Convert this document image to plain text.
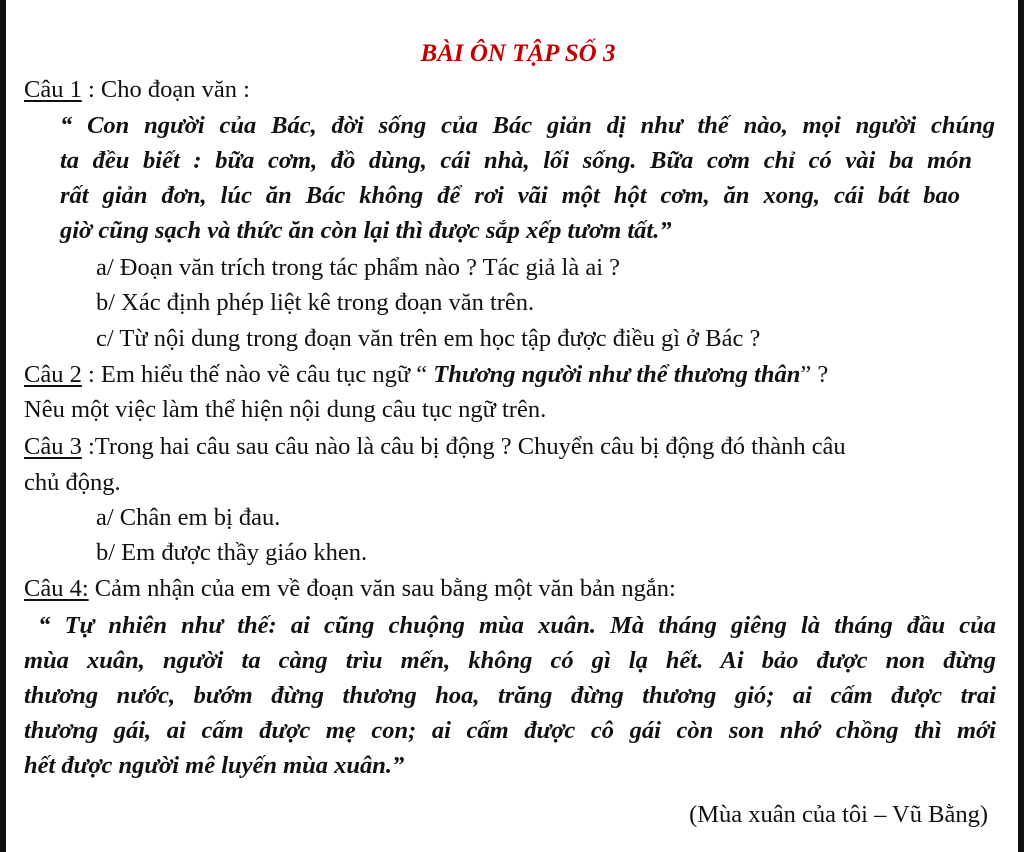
BÀI ÔN TẬP SỐ 3
Câu 1 : Cho đoạn văn :
“ Con người của Bác, đời sống của Bác giản dị như thế nào, mọi người chúng
ta đều biết : bữa cơm, đồ dùng, cái nhà, lối sống. Bữa cơm chỉ có vài ba món
rất giản đơn, lúc ăn Bác không để rơi vãi một hột cơm, ăn xong, cái bát bao
giờ cũng sạch và thức ăn còn lại thì được sắp xếp tươm tất.”
a/ Đoạn văn trích trong tác phẩm nào ? Tác giả là ai ?
b/ Xác định phép liệt kê trong đoạn văn trên.
c/ Từ nội dung trong đoạn văn trên em học tập được điều gì ở Bác ?
Câu 2 : Em hiểu thế nào về câu tục ngữ “ Thương người như thể thương thân” ?
Nêu một việc làm thể hiện nội dung câu tục ngữ trên.
Câu 3 :Trong hai câu sau câu nào là câu bị động ? Chuyển câu bị động đó thành câu
chủ động.
a/ Chân em bị đau.
b/ Em được thầy giáo khen.
Câu 4: Cảm nhận của em về đoạn văn sau bằng một văn bản ngắn:
“ Tự nhiên như thế: ai cũng chuộng mùa xuân. Mà tháng giêng là tháng đầu của
mùa xuân, người ta càng trìu mến, không có gì lạ hết. Ai bảo được non đừng
thương nước, bướm đừng thương hoa, trăng đừng thương gió; ai cấm được trai
thương gái, ai cấm được mẹ con; ai cấm được cô gái còn son nhớ chồng thì mới
hết được người mê luyến mùa xuân.”
(Mùa xuân của tôi – Vũ Bằng)
